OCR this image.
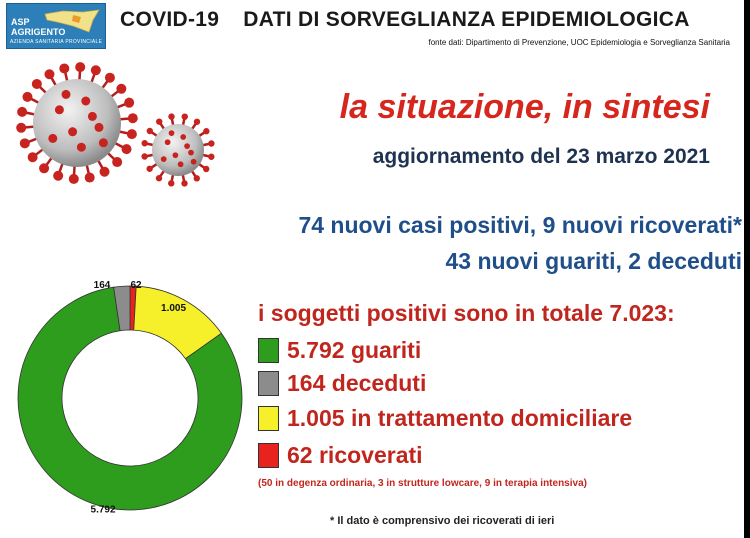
ASP AGRIGENTO
AZIENDA SANITARIA PROVINCIALE
COVID-19 DATI DI SORVEGLIANZA EPIDEMIOLOGICA
fonte dati: Dipartimento di Prevenzione, UOC Epidemiologia e Sorveglianza Sanitaria
la situazione, in sintesi
aggiornamento del 23 marzo 2021
74 nuovi casi positivi, 9 nuovi ricoverati*
43 nuovi guariti, 2 deceduti
i soggetti positivi sono in totale 7.023:
5.792 guariti
164 deceduti
1.005 in trattamento domiciliare
62 ricoverati
(50 in degenza ordinaria, 3 in strutture lowcare, 9 in terapia intensiva)
* Il dato è comprensivo dei ricoverati di ieri
5.792
1.005
164 62
